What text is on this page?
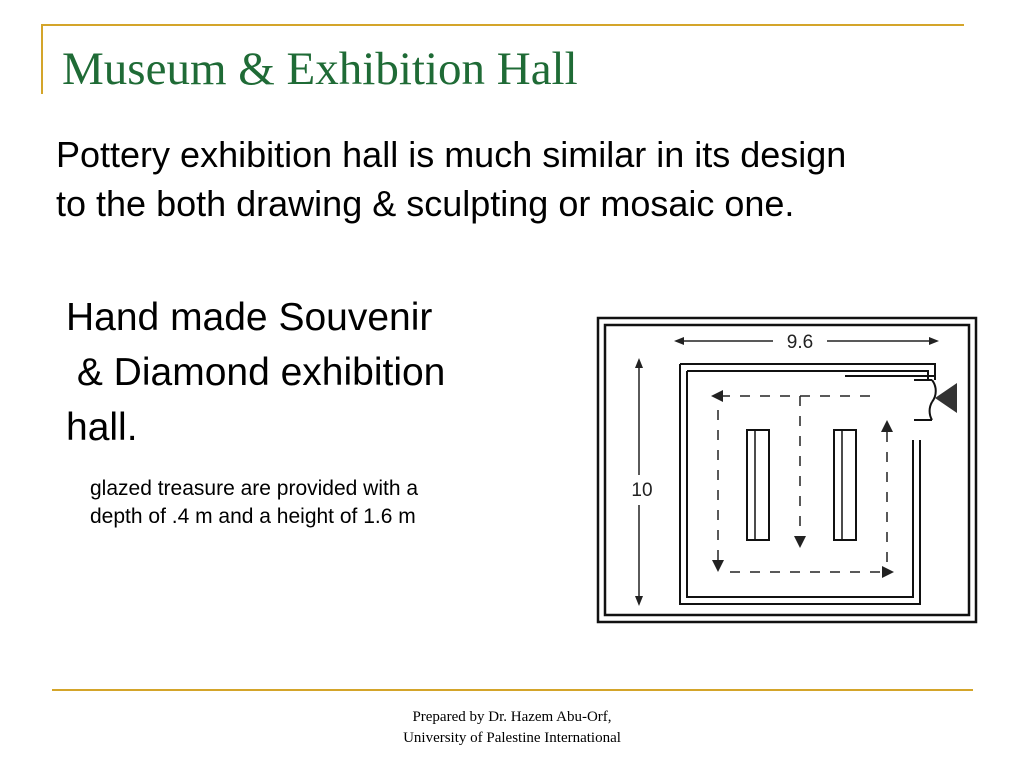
Museum & Exhibition Hall

Pottery exhibition hall is much similar in its design to the both drawing & sculpting or mosaic one.

Hand made Souvenir
& Diamond exhibition
hall.

glazed treasure are provided with a
depth of .4 m and a height of 1.6 m

9.6
10
Prepared by Dr. Hazem Abu-Orf,
University of Palestine International
